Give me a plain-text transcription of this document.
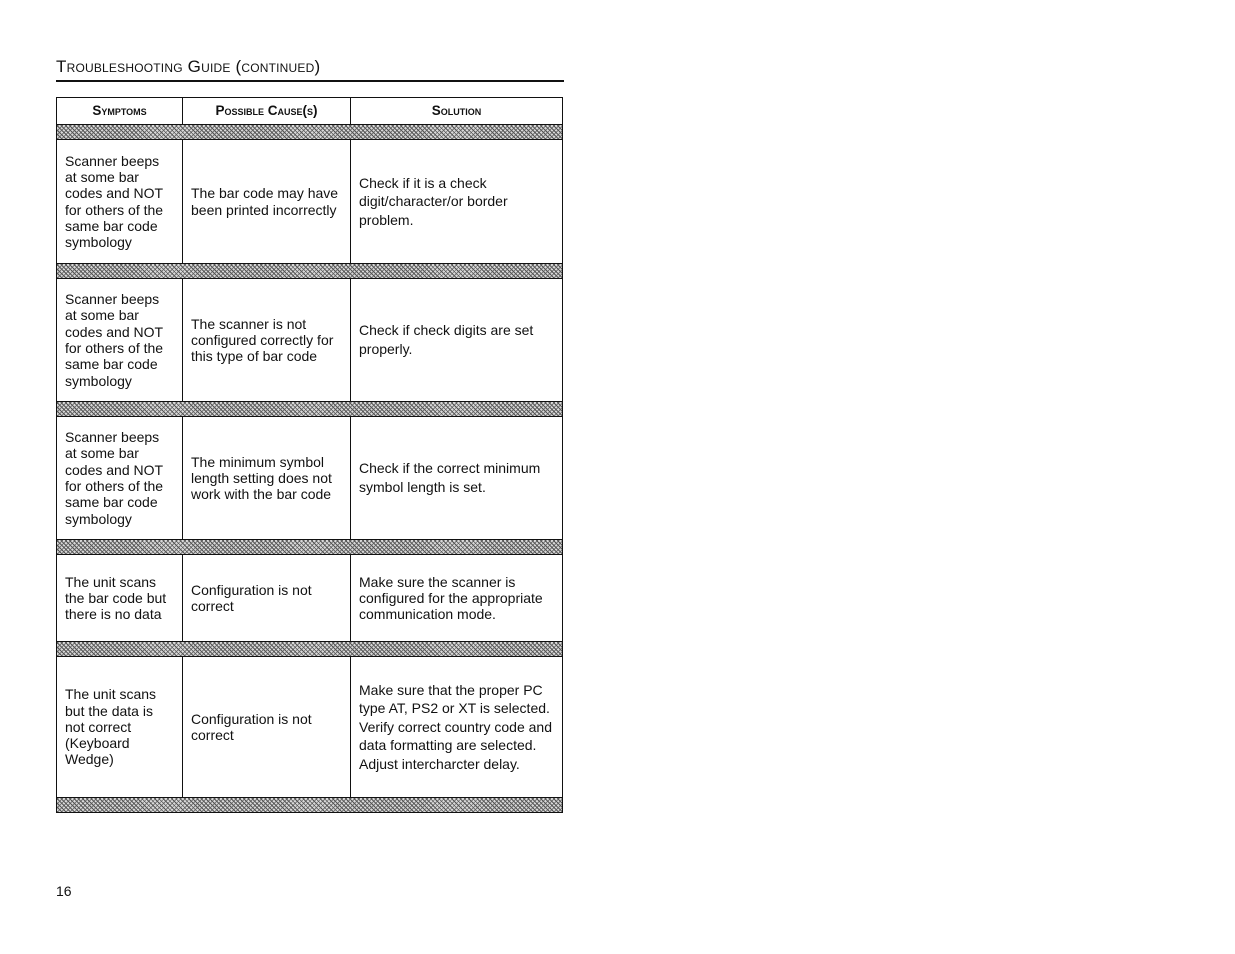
Troubleshooting Guide (continued)
Symptoms	Possible Cause(s)	Solution

Scanner beeps at some bar codes and NOT for others of the same bar code symbology	The bar code may have been printed incorrectly	Check if it is a check digit/character/or border problem.

Scanner beeps at some bar codes and NOT for others of the same bar code symbology	The scanner is not configured correctly for this type of bar code	Check if check digits are set properly.

Scanner beeps at some bar codes and NOT for others of the same bar code symbology	The minimum symbol length setting does not work with the bar code	Check if the correct minimum symbol length is set.

The unit scans the bar code but there is no data	Configuration is not correct	Make sure the scanner is configured for the appropriate communication mode.

The unit scans but the data is not correct (Keyboard Wedge)	Configuration is not correct	Make sure that the proper PC type AT, PS2 or XT is selected. Verify correct country code and data formatting are selected. Adjust intercharcter delay.

16
